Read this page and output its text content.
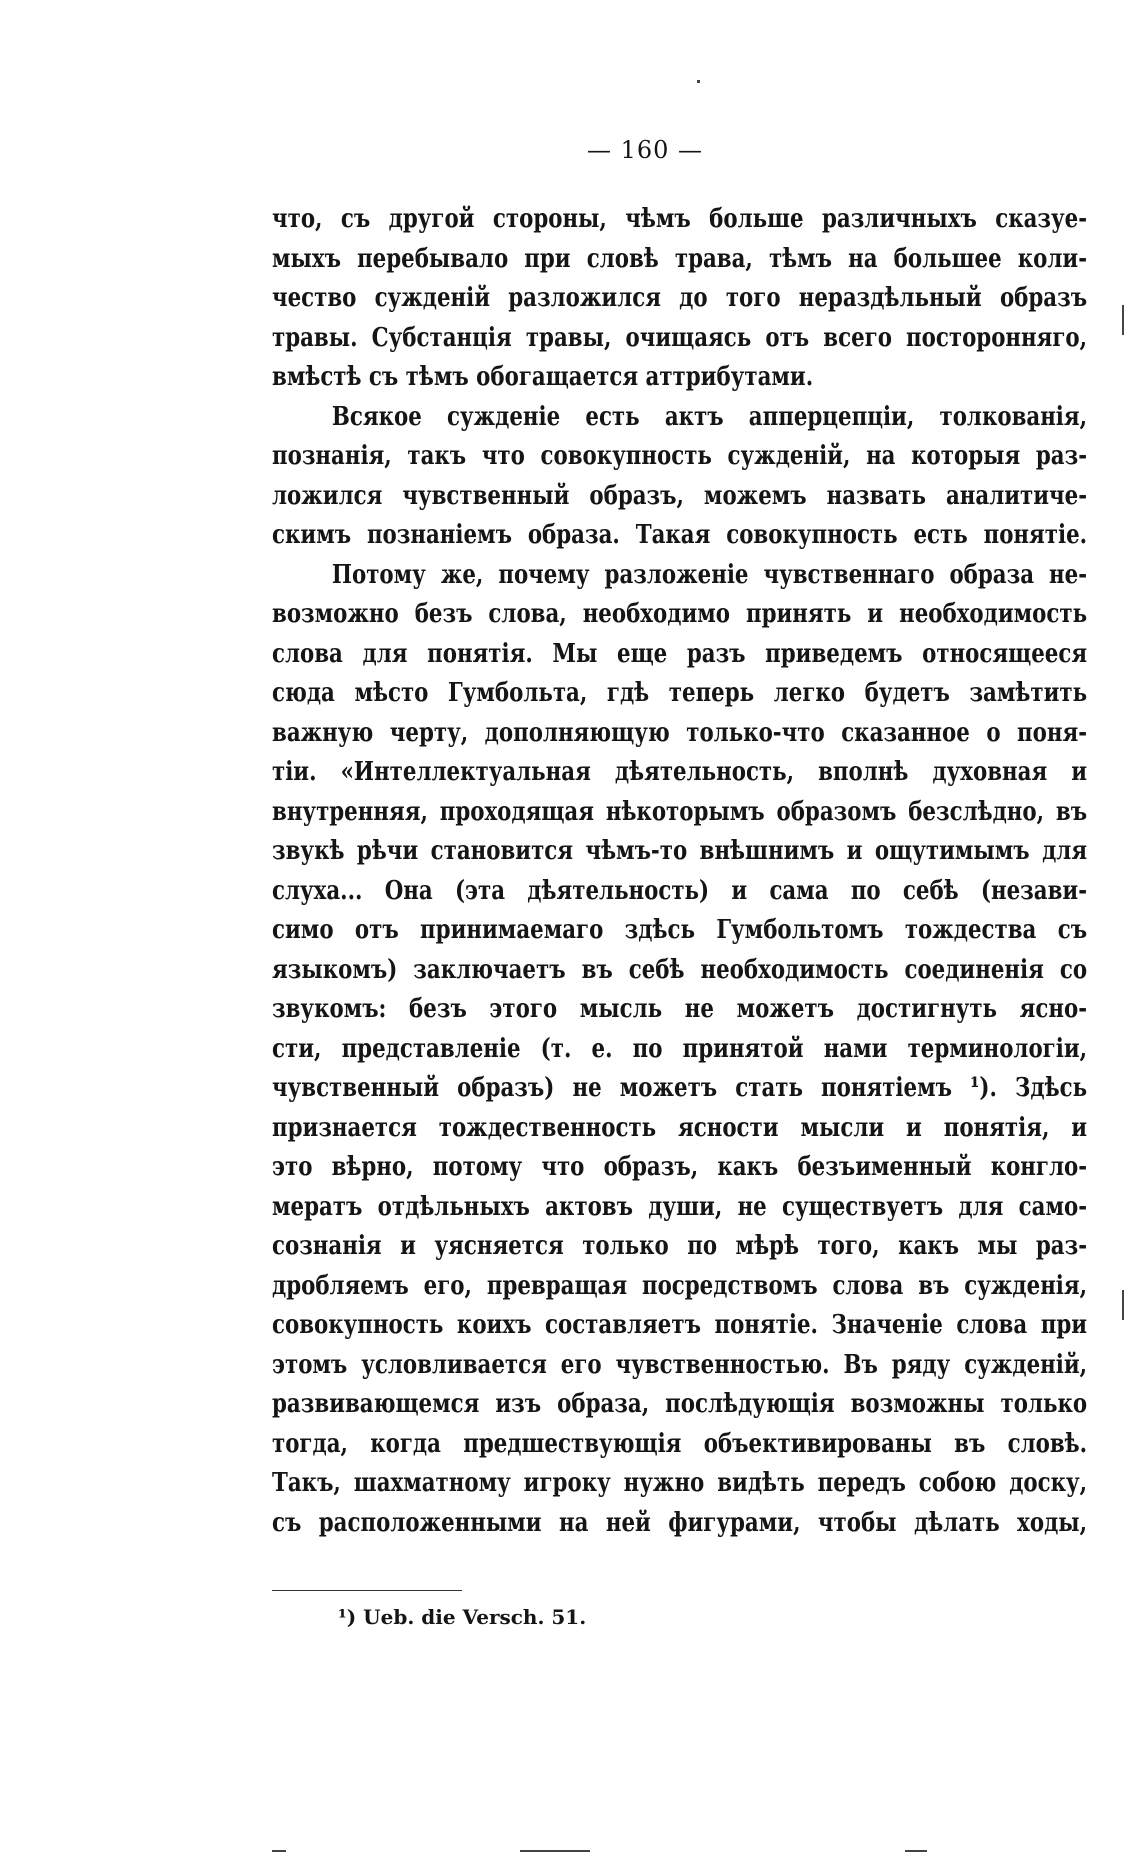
— 160 —
что, съ другой стороны, чѣмъ больше различныхъ сказуе-
мыхъ перебывало при словѣ трава, тѣмъ на большее коли-
чество сужденій разложился до того нераздѣльный образъ
травы. Субстанція травы, очищаясь отъ всего посторонняго,
вмѣстѣ съ тѣмъ обогащается аттрибутами.
Всякое сужденіе есть актъ апперцепціи, толкованія,
познанія, такъ что совокупность сужденій, на которыя раз-
ложился чувственный образъ, можемъ назвать аналитиче-
скимъ познаніемъ образа. Такая совокупность есть понятіе.
Потому же, почему разложеніе чувственнаго образа не-
возможно безъ слова, необходимо принять и необходимость
слова для понятія. Мы еще разъ приведемъ относящееся
сюда мѣсто Гумбольта, гдѣ теперь легко будетъ замѣтить
важную черту, дополняющую только-что сказанное о поня-
тіи. «Интеллектуальная дѣятельность, вполнѣ духовная и
внутренняя, проходящая нѣкоторымъ образомъ безслѣдно, въ
звукѣ рѣчи становится чѣмъ-то внѣшнимъ и ощутимымъ для
слуха... Она (эта дѣятельность) и сама по себѣ (незави-
симо отъ принимаемаго здѣсь Гумбольтомъ тождества съ
языкомъ) заключаетъ въ себѣ необходимость соединенія со
звукомъ: безъ этого мысль не можетъ достигнуть ясно-
сти, представленіе (т. е. по принятой нами терминологіи,
чувственный образъ) не можетъ стать понятіемъ ¹). Здѣсь
признается тождественность ясности мысли и понятія, и
это вѣрно, потому что образъ, какъ безъименный конгло-
мератъ отдѣльныхъ актовъ души, не существуетъ для само-
сознанія и уясняется только по мѣрѣ того, какъ мы раз-
дробляемъ его, превращая посредствомъ слова въ сужденія,
совокупность коихъ составляетъ понятіе. Значеніе слова при
этомъ условливается его чувственностью. Въ ряду сужденій,
развивающемся изъ образа, послѣдующія возможны только
тогда, когда предшествующія объективированы въ словѣ.
Такъ, шахматному игроку нужно видѣть передъ собою доску,
съ расположенными на ней фигурами, чтобы дѣлать ходы,
¹) Ueb. die Versch. 51.
